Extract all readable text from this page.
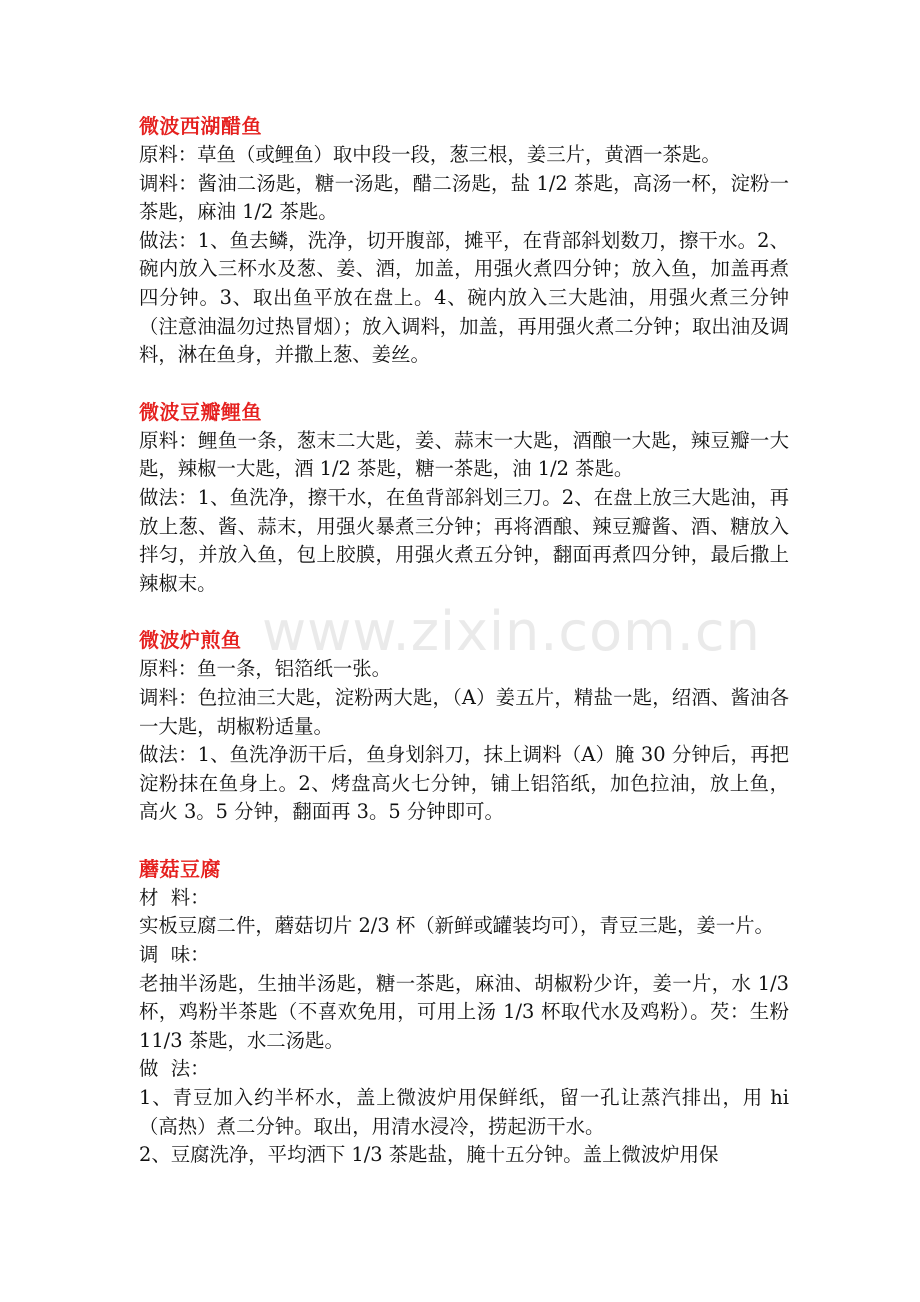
微波西湖醋鱼

原料：草鱼（或鲤鱼）取中段一段，葱三根，姜三片，黄酒一茶匙。

调料：酱油二汤匙，糖一汤匙，醋二汤匙，盐 1/2 茶匙，高汤一杯，淀粉一茶匙，麻油 1/2 茶匙。

做法：1、鱼去鳞，洗净，切开腹部，摊平，在背部斜划数刀，擦干水。2、碗内放入三杯水及葱、姜、酒，加盖，用强火煮四分钟；放入鱼，加盖再煮四分钟。3、取出鱼平放在盘上。4、碗内放入三大匙油，用强火煮三分钟（注意油温勿过热冒烟）；放入调料，加盖，再用强火煮二分钟；取出油及调料，淋在鱼身，并撒上葱、姜丝。

微波豆瓣鲤鱼

原料：鲤鱼一条，葱末二大匙，姜、蒜末一大匙，酒酿一大匙，辣豆瓣一大匙，辣椒一大匙，酒 1/2 茶匙，糖一茶匙，油 1/2 茶匙。

做法：1、鱼洗净，擦干水，在鱼背部斜划三刀。2、在盘上放三大匙油，再放上葱、酱、蒜末，用强火暴煮三分钟；再将酒酿、辣豆瓣酱、酒、糖放入拌匀，并放入鱼，包上胶膜，用强火煮五分钟，翻面再煮四分钟，最后撒上辣椒末。

微波炉煎鱼

原料：鱼一条，铝箔纸一张。

调料：色拉油三大匙，淀粉两大匙，（A）姜五片，精盐一匙，绍酒、酱油各一大匙，胡椒粉适量。

做法：1、鱼洗净沥干后，鱼身划斜刀，抹上调料（A）腌 30 分钟后，再把淀粉抹在鱼身上。2、烤盘高火七分钟，铺上铝箔纸，加色拉油，放上鱼，高火 3。5 分钟，翻面再 3。5 分钟即可。

蘑菇豆腐

材  料：

实板豆腐二件，蘑菇切片 2/3 杯（新鲜或罐装均可），青豆三匙，姜一片。

调  味：

老抽半汤匙，生抽半汤匙，糖一茶匙，麻油、胡椒粉少许，姜一片，水 1/3 杯，鸡粉半茶匙（不喜欢免用，可用上汤 1/3 杯取代水及鸡粉）。芡：生粉 11/3 茶匙，水二汤匙。

做  法：

1、青豆加入约半杯水，盖上微波炉用保鲜纸，留一孔让蒸汽排出，用 hi（高热）煮二分钟。取出，用清水浸冷，捞起沥干水。

2、豆腐洗净，平均洒下 1/3 茶匙盐，腌十五分钟。盖上微波炉用保

www.zixin.com.cn
